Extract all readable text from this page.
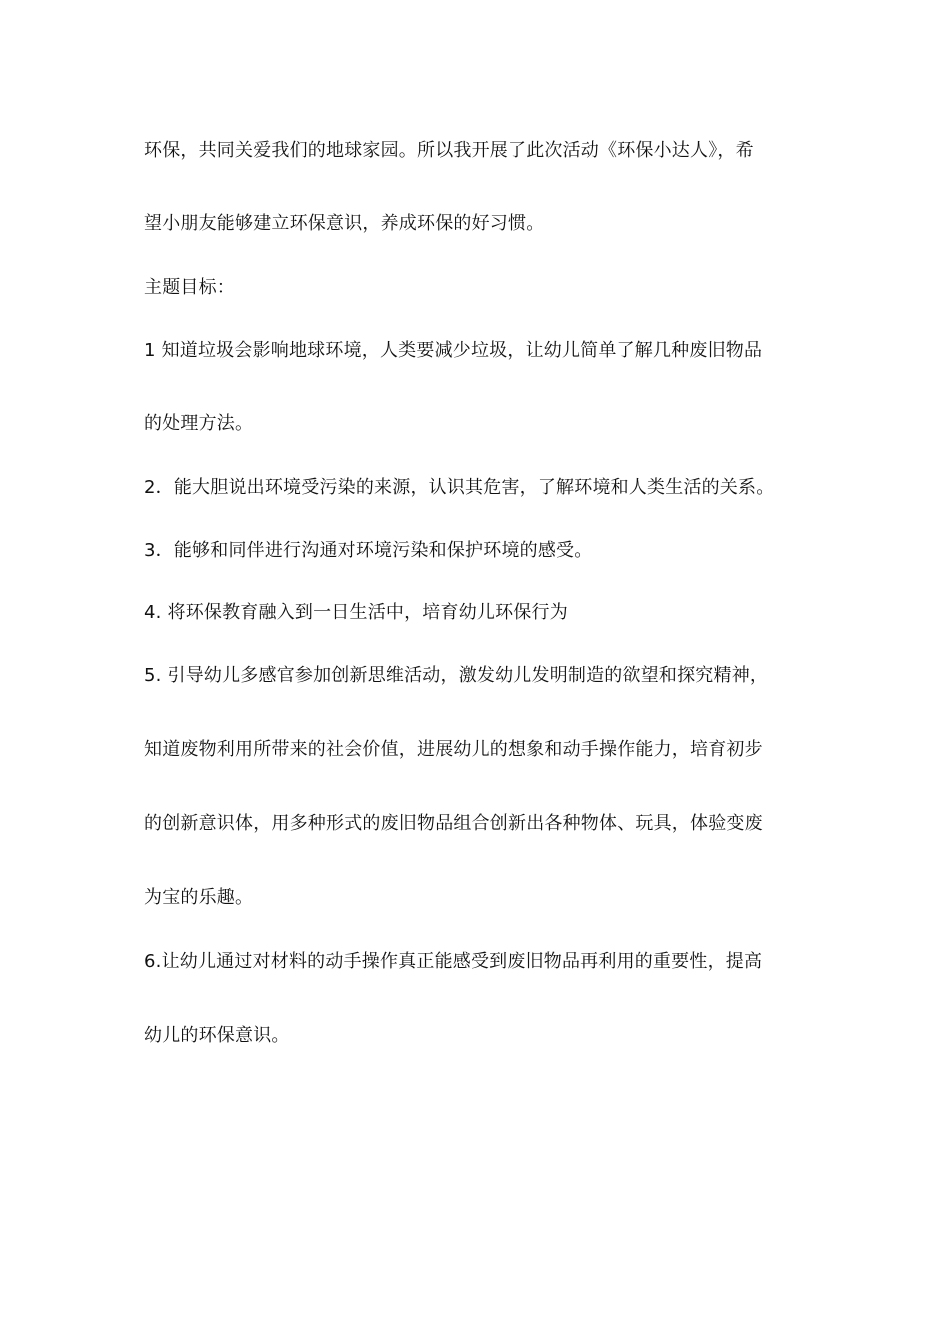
环保，共同关爱我们的地球家园。所以我开展了此次活动《环保小达人》，希
望小朋友能够建立环保意识，养成环保的好习惯。
主题目标：
1 知道垃圾会影响地球环境，人类要减少垃圾，让幼儿简单了解几种废旧物品
的处理方法。
2．能大胆说出环境受污染的来源，认识其危害，了解环境和人类生活的关系。
3．能够和同伴进行沟通对环境污染和保护环境的感受。
4. 将环保教育融入到一日生活中，培育幼儿环保行为
5. 引导幼儿多感官参加创新思维活动，激发幼儿发明制造的欲望和探究精神，
知道废物利用所带来的社会价值，进展幼儿的想象和动手操作能力，培育初步
的创新意识体，用多种形式的废旧物品组合创新出各种物体、玩具，体验变废
为宝的乐趣。
6.让幼儿通过对材料的动手操作真正能感受到废旧物品再利用的重要性，提高
幼儿的环保意识。
